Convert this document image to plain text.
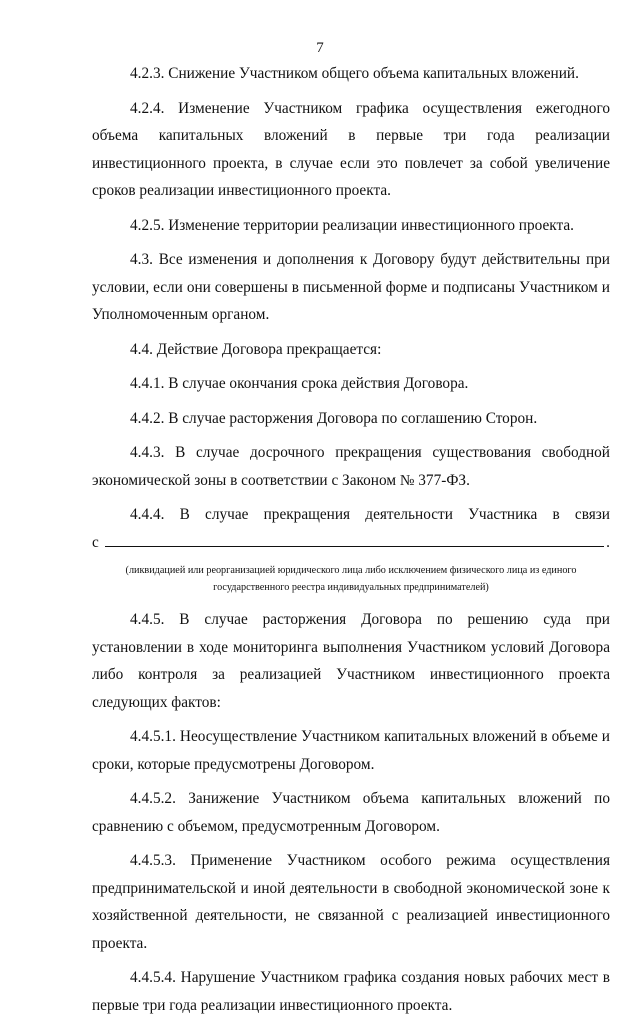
7

4.2.3. Снижение Участником общего объема капитальных вложений.

4.2.4. Изменение Участником графика осуществления ежегодного объема капитальных вложений в первые три года реализации инвестиционного проекта, в случае если это повлечет за собой увеличение сроков реализации инвестиционного проекта.

4.2.5. Изменение территории реализации инвестиционного проекта.

4.3. Все изменения и дополнения к Договору будут действительны при условии, если они совершены в письменной форме и подписаны Участником и Уполномоченным органом.

4.4. Действие Договора прекращается:

4.4.1. В случае окончания срока действия Договора.

4.4.2. В случае расторжения Договора по соглашению Сторон.

4.4.3. В случае досрочного прекращения существования свободной экономической зоны в соответствии с Законом № 377-ФЗ.

4.4.4. В случае прекращения деятельности Участника в связи

с	.
(ликвидацией или реорганизацией юридического лица либо исключением физического лица из единого государственного реестра индивидуальных предпринимателей)

4.4.5. В случае расторжения Договора по решению суда при установлении в ходе мониторинга выполнения Участником условий Договора либо контроля за реализацией Участником инвестиционного проекта следующих фактов:

4.4.5.1. Неосуществление Участником капитальных вложений в объеме и сроки, которые предусмотрены Договором.

4.4.5.2. Занижение Участником объема капитальных вложений по сравнению с объемом, предусмотренным Договором.

4.4.5.3. Применение Участником особого режима осуществления предпринимательской и иной деятельности в свободной экономической зоне к хозяйственной деятельности, не связанной с реализацией инвестиционного проекта.

4.4.5.4. Нарушение Участником графика создания новых рабочих мест в первые три года реализации инвестиционного проекта.
